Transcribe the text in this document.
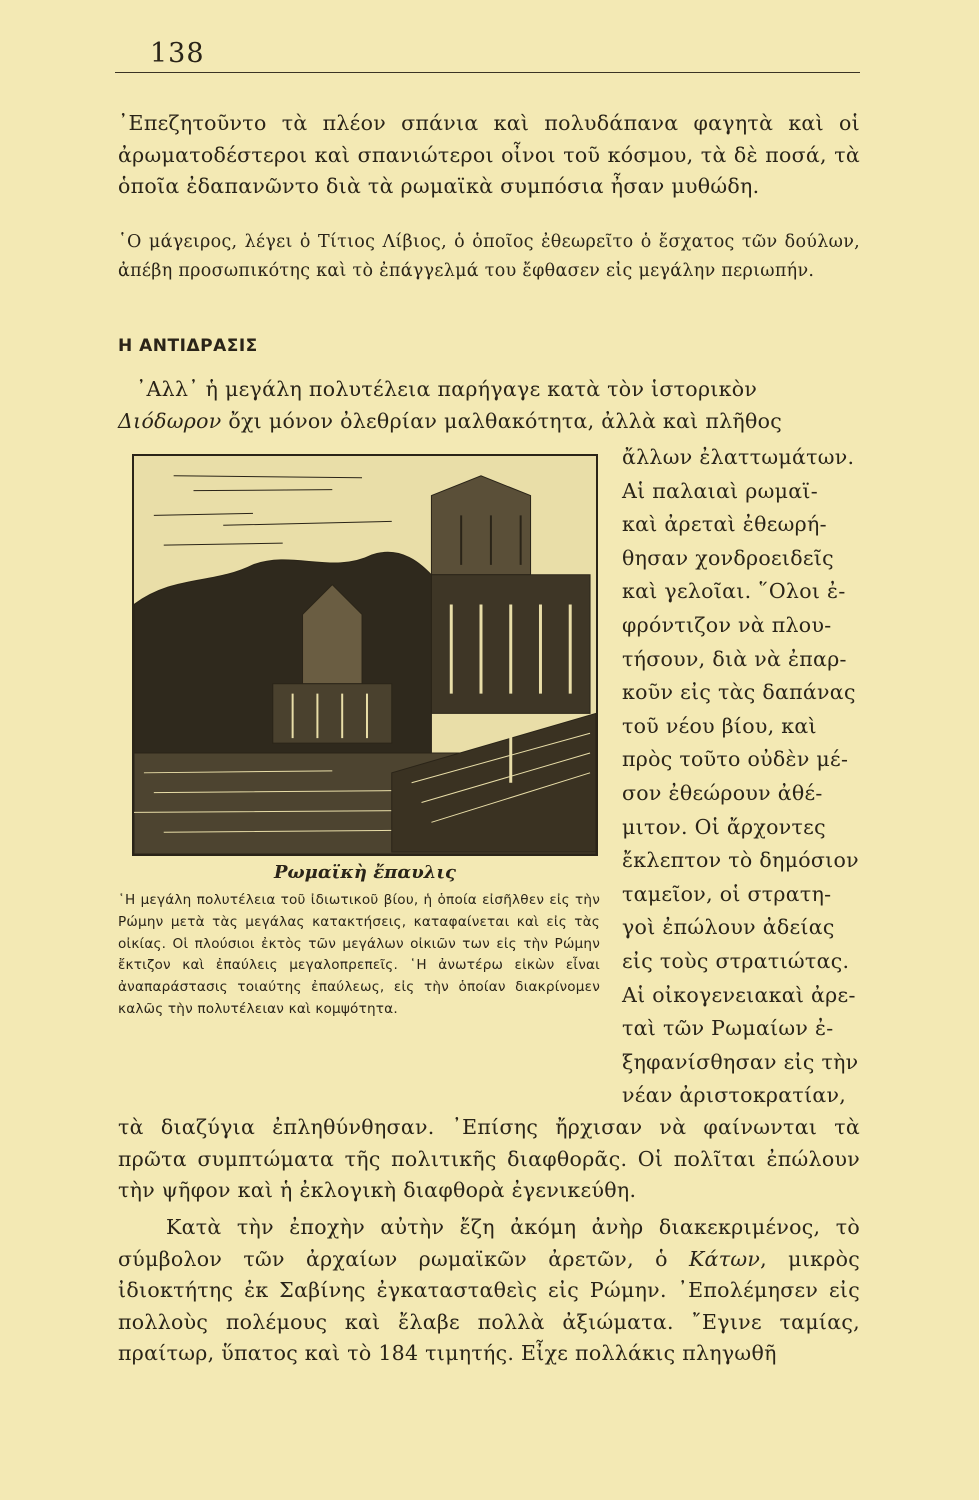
138

᾿Επεζητοῦντο τὰ πλέον σπάνια καὶ πολυδάπανα φαγητὰ καὶ οἱ ἀρωματοδέστεροι καὶ σπανιώτεροι οἶνοι τοῦ κόσμου, τὰ δὲ ποσά, τὰ ὁποῖα ἐδαπανῶντο διὰ τὰ ρωμαϊκὰ συμπόσια ἦσαν μυθώδη.

῾Ο μάγειρος, λέγει ὁ Τίτιος Λίβιος, ὁ ὁποῖος ἐθεωρεῖτο ὁ ἔσχατος τῶν δούλων, ἀπέβη προσωπικότης καὶ τὸ ἐπάγγελμά του ἔφθασεν εἰς μεγάλην περιωπήν.

Η ΑΝΤΙΔΡΑΣΙΣ

᾿Αλλ᾿ ἡ μεγάλη πολυτέλεια παρήγαγε κατὰ τὸν ἱστορικὸν
Διόδωρον ὄχι μόνον ὀλεθρίαν μαλθακότητα, ἀλλὰ καὶ πλῆθος

Ρωμαϊκὴ ἔπαυλις
῾Η μεγάλη πολυτέλεια τοῦ ἰδιωτικοῦ βίου, ἡ ὁποία εἰσῆλθεν εἰς τὴν Ρώμην μετὰ τὰς μεγάλας κατακτήσεις, καταφαίνεται καὶ εἰς τὰς οἰκίας. Οἱ πλούσιοι ἐκτὸς τῶν μεγάλων οἰκιῶν των εἰς τὴν Ρώμην ἔκτιζον καὶ ἐπαύλεις μεγαλοπρεπεῖς. ῾Η ἀνωτέρω εἰκὼν εἶναι ἀναπαράστασις τοιαύτης ἐπαύλεως, εἰς τὴν ὁποίαν διακρίνομεν καλῶς τὴν πολυτέλειαν καὶ κομψότητα.
ἄλλων ἐλαττωμάτων.
Αἱ παλαιαὶ ρωμαϊ-
καὶ ἀρεταὶ ἐθεωρή-
θησαν χονδροειδεῖς
καὶ γελοῖαι. ῞Ολοι ἐ-
φρόντιζον νὰ πλου-
τήσουν, διὰ νὰ ἐπαρ-
κοῦν εἰς τὰς δαπάνας
τοῦ νέου βίου, καὶ
πρὸς τοῦτο οὐδὲν μέ-
σον ἐθεώρουν ἀθέ-
μιτον. Οἱ ἄρχοντες
ἔκλεπτον τὸ δημόσιον
ταμεῖον, οἱ στρατη-
γοὶ ἐπώλουν ἀδείας
εἰς τοὺς στρατιώτας.
Αἱ οἰκογενειακαὶ ἀρε-
ταὶ τῶν Ρωμαίων ἐ-
ξηφανίσθησαν εἰς τὴν
νέαν ἀριστοκρατίαν,

τὰ διαζύγια ἐπληθύνθησαν. ᾿Επίσης ἤρχισαν νὰ φαίνωνται τὰ πρῶτα συμπτώματα τῆς πολιτικῆς διαφθορᾶς. Οἱ πολῖται ἐπώλουν τὴν ψῆφον καὶ ἡ ἐκλογικὴ διαφθορὰ ἐγενικεύθη.

Κατὰ τὴν ἐποχὴν αὐτὴν ἔζη ἀκόμη ἀνὴρ διακεκριμένος, τὸ σύμβολον τῶν ἀρχαίων ρωμαϊκῶν ἀρετῶν, ὁ Κάτων, μικρὸς ἰδιοκτήτης ἐκ Σαβίνης ἐγκατασταθεὶς εἰς Ρώμην. ᾿Επολέμησεν εἰς πολλοὺς πολέμους καὶ ἔλαβε πολλὰ ἀξιώματα. ῎Εγινε ταμίας, πραίτωρ, ὕπατος καὶ τὸ 184 τιμητής. Εἶχε πολλάκις πληγωθῆ
